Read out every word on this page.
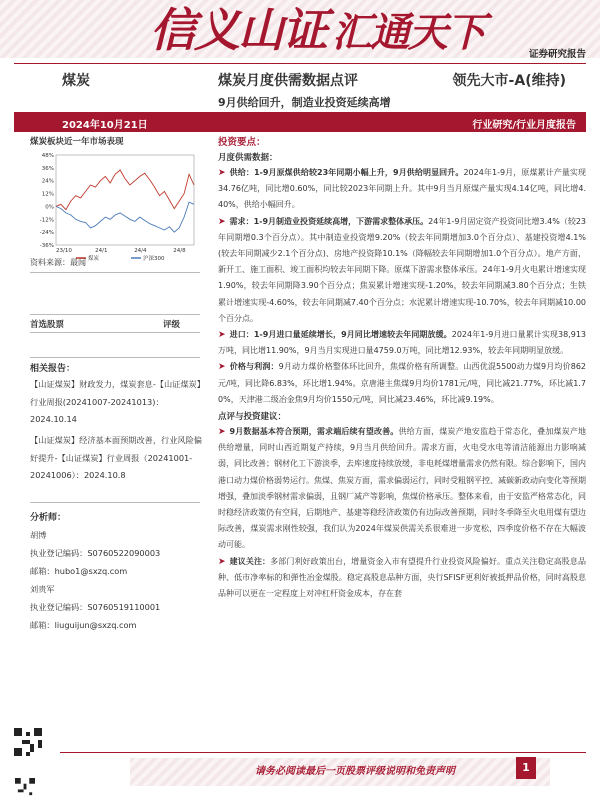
信义山证 汇通天下	证券研究报告
煤炭	煤炭月度供需数据点评	领先大市-A(维持)
9月供给回升，制造业投资延续高增
2024年10月21日	行业研究/行业月度报告
煤炭板块近一年市场表现
48%
36%
24%
12%
0%
-12%
-24%
-36%
23/10	24/1	24/4	24/8
煤炭	沪深300
资料来源：最闻
首选股票	评级
相关报告：
【山证煤炭】财政发力，煤炭套息-【山证煤炭】行业周报(20241007-20241013)：2024.10.14
【山证煤炭】经济基本面预期改善，行业风险偏好提升-【山证煤炭】行业周报（20241001-20241006）：2024.10.8
分析师：
胡博
执业登记编码：S0760522090003
邮箱：hubo1@sxzq.com
刘贵军
执业登记编码：S0760519110001
邮箱：liuguijun@sxzq.com
投资要点：
月度供需数据：
➤ 供给：1-9月原煤供给较23年同期小幅上升，9月供给明显回升。2024年1-9月，原煤累计产量实现34.76亿吨，同比增0.60%，同比较2023年同期上升。其中9月当月原煤产量实现4.14亿吨，同比增4.40%，供给小幅回升。
➤ 需求：1-9月制造业投资延续高增，下游需求整体承压。24年1-9月固定资产投资同比增3.4%（较23年同期增0.3个百分点）。其中制造业投资增9.20%（较去年同期增加3.0个百分点）、基建投资增4.1%(较去年同期减少2.1个百分点)、房地产投资降10.1%（降幅较去年同期增加1.0个百分点）。地产方面，新开工、施工面积、竣工面积均较去年同期下降。原煤下游需求整体承压。24年1-9月火电累计增速实现1.90%，较去年同期降3.90个百分点；焦炭累计增速实现-1.20%，较去年同期减3.80个百分点；生铁累计增速实现-4.60%，较去年同期减7.40个百分点；水泥累计增速实现-10.70%，较去年同期减10.00个百分点。
➤ 进口：1-9月进口量延续增长，9月同比增速较去年同期放缓。2024年1-9月进口量累计实现38,913万吨，同比增11.90%，9月当月实现进口量4759.0万吨，同比增12.93%，较去年同期明显放缓。
➤ 价格与利润：9月动力煤价格整体环比回升，焦煤价格有所调整。山西优混5500动力煤9月均价862元/吨，同比降6.83%，环比增1.94%。京唐港主焦煤9月均价1781元/吨，同比减21.77%，环比减1.70%，天津港二级冶金焦9月均价1550元/吨，同比减23.46%，环比减9.19%。
点评与投资建议：
➤ 9月数据基本符合预期，需求端后续有望改善。供给方面，煤炭产地安监趋于常态化，叠加煤炭产地供给增量，同时山西近期复产持续，9月当月供给回升。需求方面，火电受水电等清洁能源出力影响减弱，同比改善；钢材化工下游淡季，去库速度持续放缓，非电耗煤增量需求仍然有限。综合影响下，国内港口动力煤价格弱势运行。焦煤、焦炭方面，需求偏弱运行，同时受粗钢平控、减碳新政动向变化等预期增强，叠加淡季钢材需求偏弱，且钢厂减产等影响，焦煤价格承压。整体来看，由于安监严格常态化，同时稳经济政策仍有空间，后期地产、基建等稳经济政策仍有边际改善预期，同时冬季降至火电用煤有望边际改善，煤炭需求刚性较强，我们认为2024年煤炭供需关系很难进一步宽松，四季度价格不存在大幅波动可能。
➤ 建议关注：多部门利好政策出台，增量资金入市有望提升行业投资风险偏好。重点关注稳定高股息品种、低市净率标的和弹性冶金煤股。稳定高股息品种方面，央行SFISF更利好被抵押品价格，同时高股息品种可以更在一定程度上对冲杠杆资金成本，存在套
请务必阅读最后一页股票评级说明和免责声明	1
